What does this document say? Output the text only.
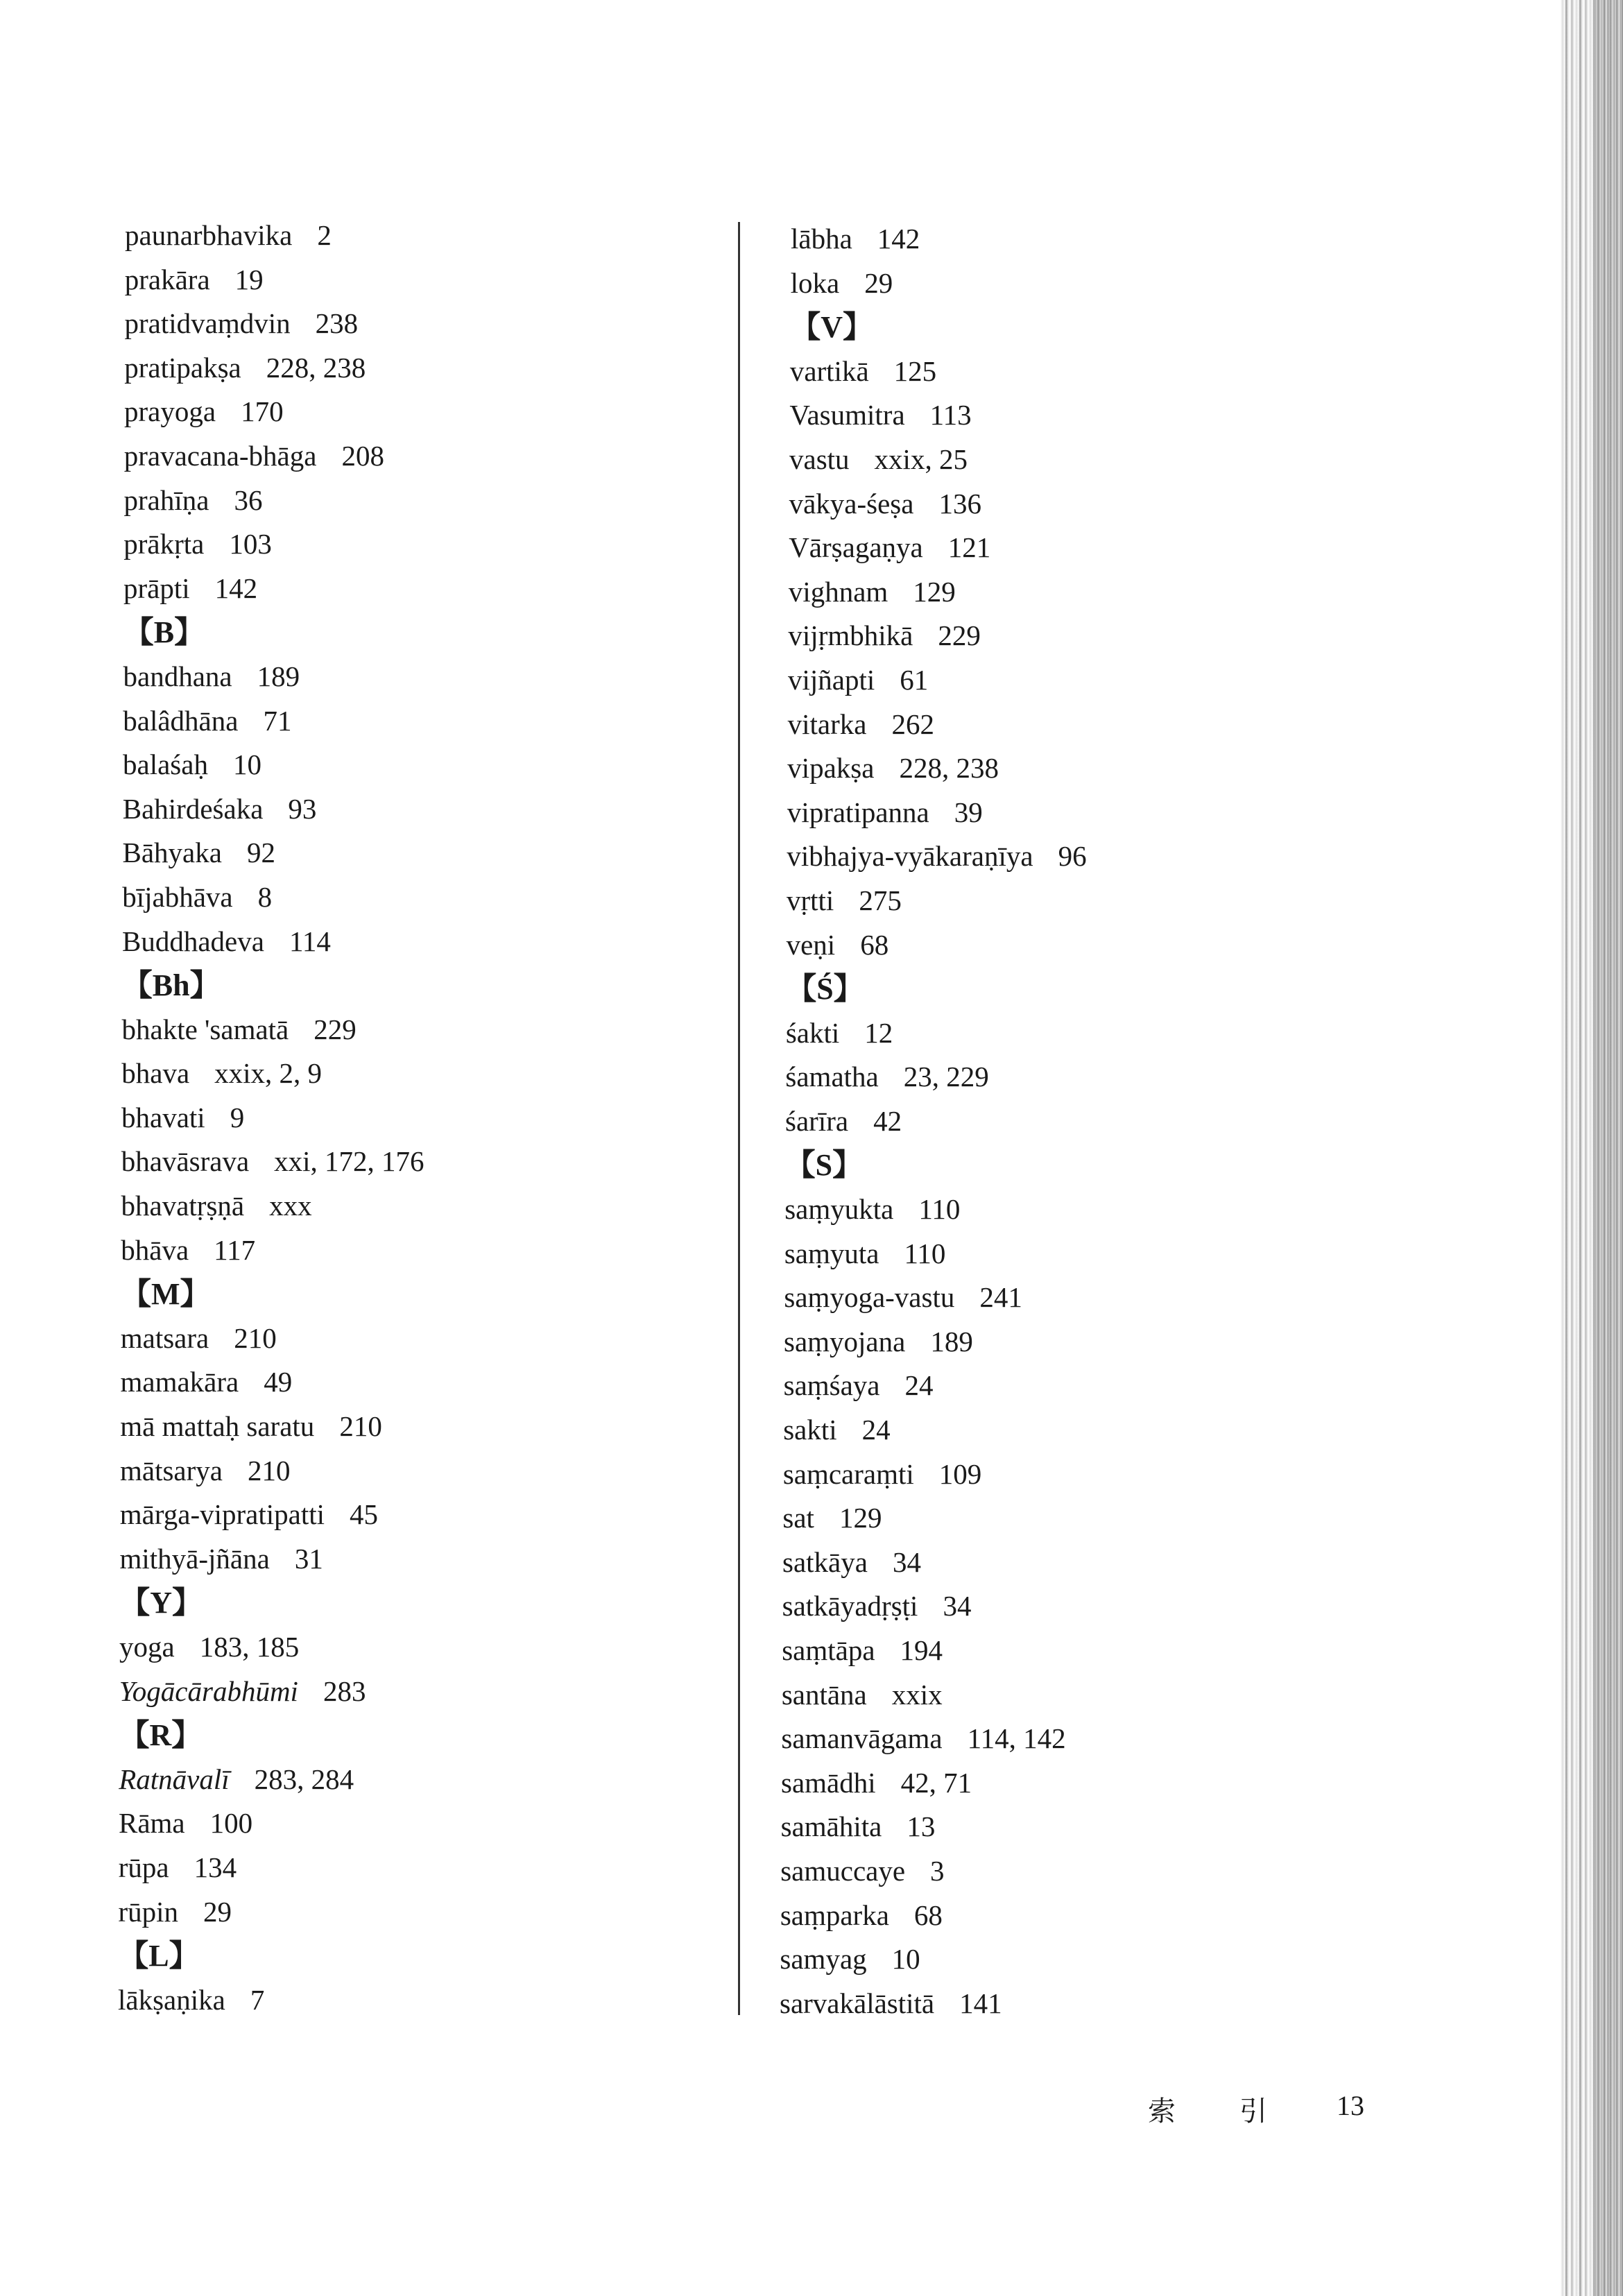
paunarbhavika 2
prakāra 19
pratidvaṃdvin 238
pratipakṣa 228, 238
prayoga 170
pravacana-bhāga 208
prahīṇa 36
prākṛta 103
prāpti 142
【B】
bandhana 189
balâdhāna 71
balaśaḥ 10
Bahirdeśaka 93
Bāhyaka 92
bījabhāva 8
Buddhadeva 114
【Bh】
bhakte 'samatā 229
bhava xxix, 2, 9
bhavati 9
bhavāsrava xxi, 172, 176
bhavatṛṣṇā xxx
bhāva 117
【M】
matsara 210
mamakāra 49
mā mattaḥ saratu 210
mātsarya 210
mārga-vipratipatti 45
mithyā-jñāna 31
【Y】
yoga 183, 185
Yogācārabhūmi 283
【R】
Ratnāvalī 283, 284
Rāma 100
rūpa 134
rūpin 29
【L】
lākṣaṇika 7
lābha 142
loka 29
【V】
vartikā 125
Vasumitra 113
vastu xxix, 25
vākya-śeṣa 136
Vārṣagaṇya 121
vighnam 129
vijṛmbhikā 229
vijñapti 61
vitarka 262
vipakṣa 228, 238
vipratipanna 39
vibhajya-vyākaraṇīya 96
vṛtti 275
veṇi 68
【Ś】
śakti 12
śamatha 23, 229
śarīra 42
【S】
saṃyukta 110
saṃyuta 110
saṃyoga-vastu 241
saṃyojana 189
saṃśaya 24
sakti 24
saṃcaraṃti 109
sat 129
satkāya 34
satkāyadṛṣṭi 34
saṃtāpa 194
santāna xxix
samanvāgama 114, 142
samādhi 42, 71
samāhita 13
samuccaye 3
saṃparka 68
samyag 10
sarvakālāstitā 141
索 引	13
